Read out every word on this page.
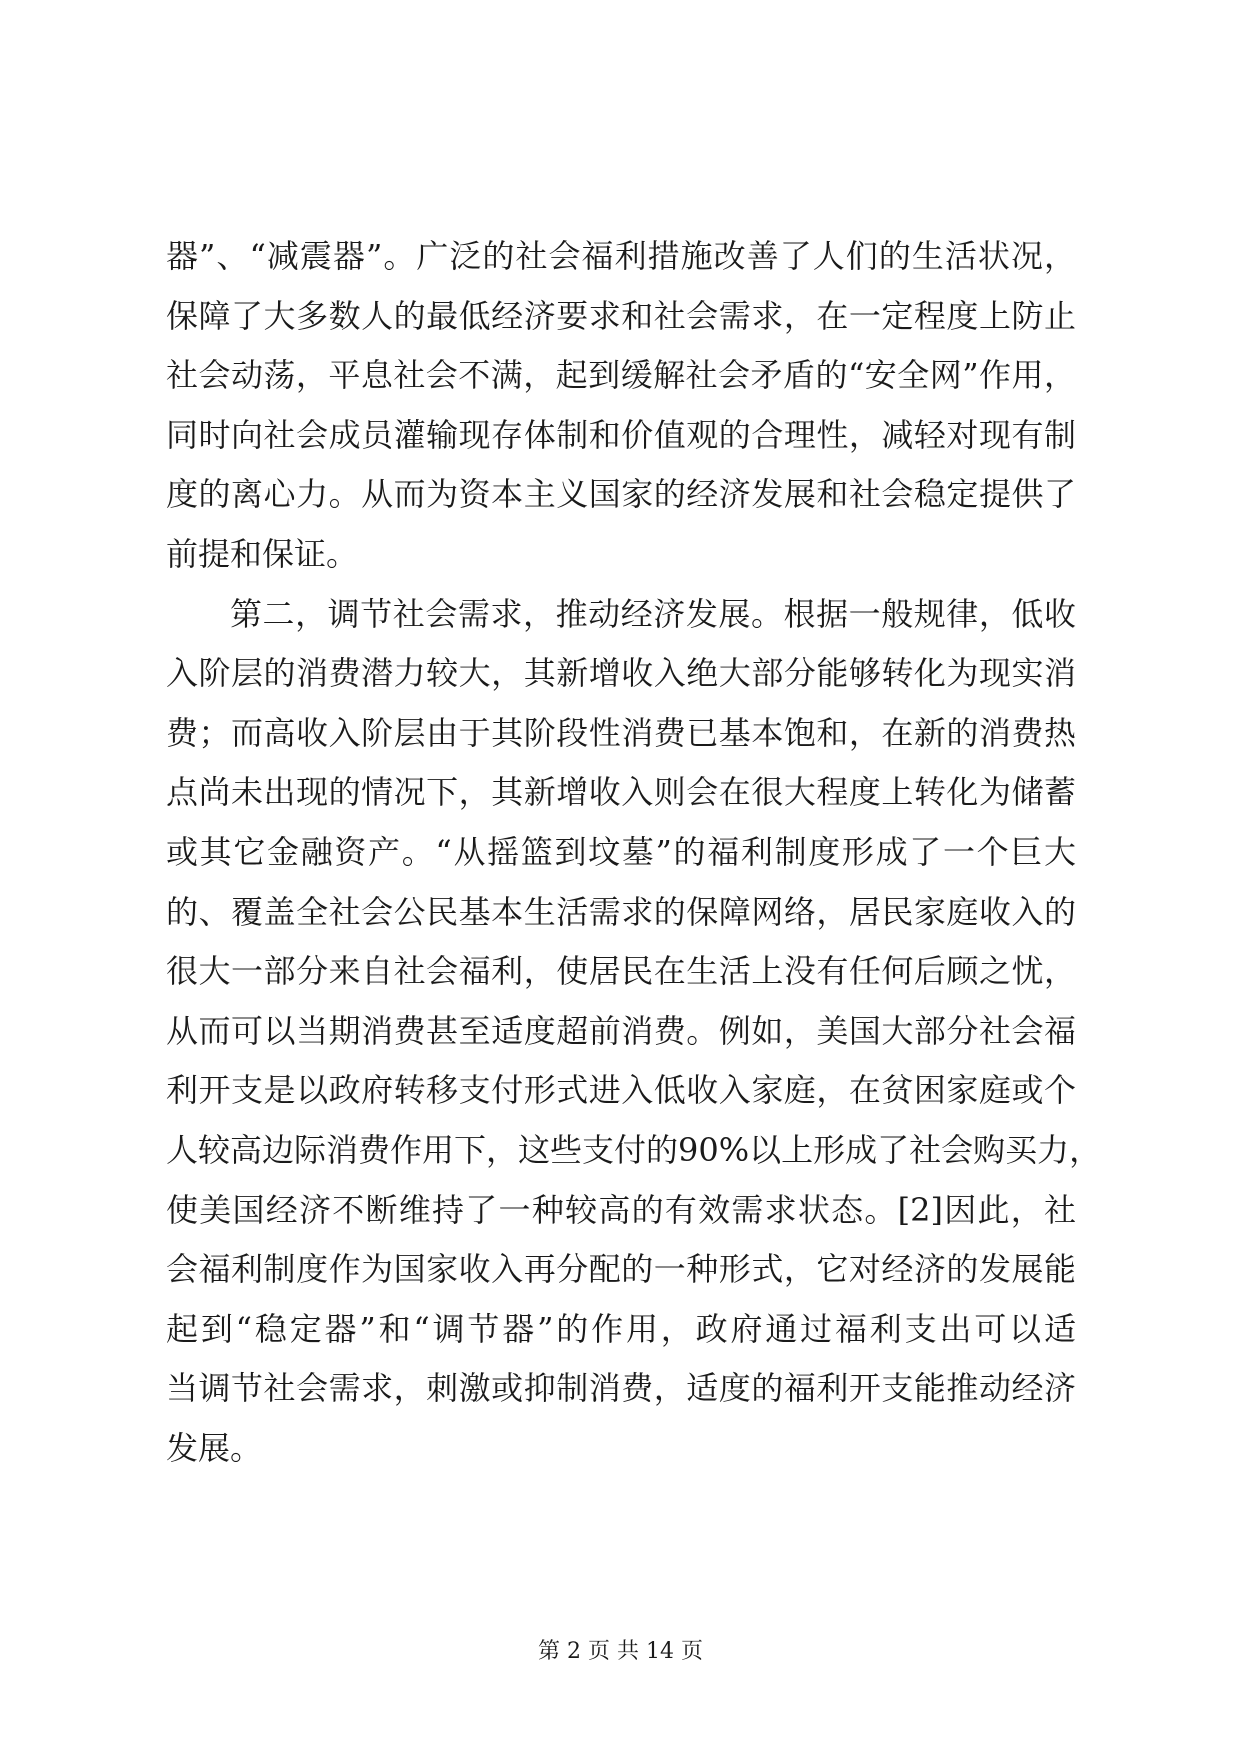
器”、“减震器”。广泛的社会福利措施改善了人们的生活状况，
保障了大多数人的最低经济要求和社会需求，在一定程度上防止
社会动荡，平息社会不满，起到缓解社会矛盾的“安全网”作用，
同时向社会成员灌输现存体制和价值观的合理性，减轻对现有制
度的离心力。从而为资本主义国家的经济发展和社会稳定提供了
前提和保证。
第二，调节社会需求，推动经济发展。根据一般规律，低收
入阶层的消费潜力较大，其新增收入绝大部分能够转化为现实消
费；而高收入阶层由于其阶段性消费已基本饱和，在新的消费热
点尚未出现的情况下，其新增收入则会在很大程度上转化为储蓄
或其它金融资产。“从摇篮到坟墓”的福利制度形成了一个巨大
的、覆盖全社会公民基本生活需求的保障网络，居民家庭收入的
很大一部分来自社会福利，使居民在生活上没有任何后顾之忧，
从而可以当期消费甚至适度超前消费。例如，美国大部分社会福
利开支是以政府转移支付形式进入低收入家庭，在贫困家庭或个
人较高边际消费作用下，这些支付的90%以上形成了社会购买力，
使美国经济不断维持了一种较高的有效需求状态。[2]因此，社
会福利制度作为国家收入再分配的一种形式，它对经济的发展能
起到“稳定器”和“调节器”的作用，政府通过福利支出可以适
当调节社会需求，刺激或抑制消费，适度的福利开支能推动经济
发展。
第 2 页 共 14 页
